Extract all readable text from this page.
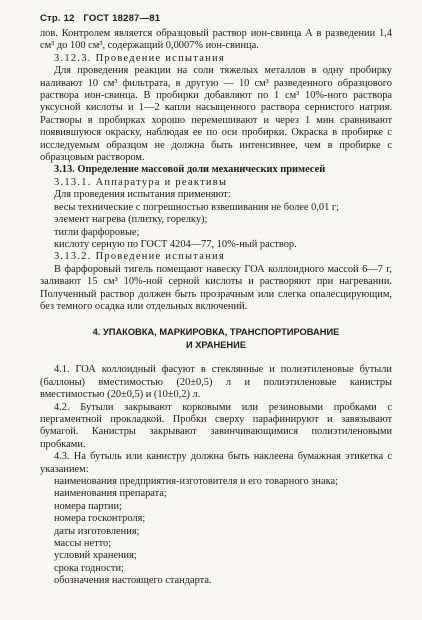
Стр. 12 ГОСТ 18287—81

лов. Контролем является образцовый раствор ион-свинца А в разведении 1,4 см³ до 100 см³, содержащий 0,0007% ион-свинца.

3.12.3. Проведение испытания

Для проведения реакции на соли тяжелых металлов в одну пробирку наливают 10 см³ фильтрата, в другую — 10 см³ разведенного образцового раствора ион-свинца. В пробирки добавляют по 1 см³ 10%-ного раствора уксусной кислоты и 1—2 капли насыщенного раствора сернистого натрия. Растворы в пробирках хорошо перемешивают и через 1 мин сравнивают появившуюся окраску, наблюдая ее по оси пробирки. Окраска в пробирке с исследуемым образцом не должна быть интенсивнее, чем в пробирке с образцовым раствором.

3.13. Определение массовой доли механических примесей

3.13.1. Аппаратура и реактивы

Для проведения испытания применяют:

весы технические с погрешностью взвешивания не более 0,01 г;

элемент нагрева (плитку, горелку);

тигли фарфоровые;

кислоту серную по ГОСТ 4204—77, 10%-ный раствор.

3.13.2. Проведение испытания

В фарфоровый тигель помещают навеску ГОА коллоидного массой 6—7 г, заливают 15 см³ 10%-ной серной кислоты и растворяют при нагревании. Полученный раствор должен быть прозрачным или слегка опалесцирующим, без темного осадка или отдельных включений.

4. УПАКОВКА, МАРКИРОВКА, ТРАНСПОРТИРОВАНИЕ
И ХРАНЕНИЕ

4.1. ГОА коллоидный фасуют в стеклянные и полиэтиленовые бутыли (баллоны) вместимостью (20±0,5) л и полиэтиленовые канистры вместимостью (20±0,5) и (10±0,2) л.

4.2. Бутыли закрывают корковыми или резиновыми пробками с пергаментной прокладкой. Пробки сверху парафинируют и завязывают бумагой. Канистры закрывают завинчивающимися полиэтиленовыми пробками.

4.3. На бутыль или канистру должна быть наклеена бумажная этикетка с указанием:

наименования предприятия-изготовителя и его товарного знака;

наименования препарата;

номера партии;

номера госконтроля;

даты изготовления;

массы нетто;

условий хранения;

срока годности;

обозначения настоящего стандарта.
